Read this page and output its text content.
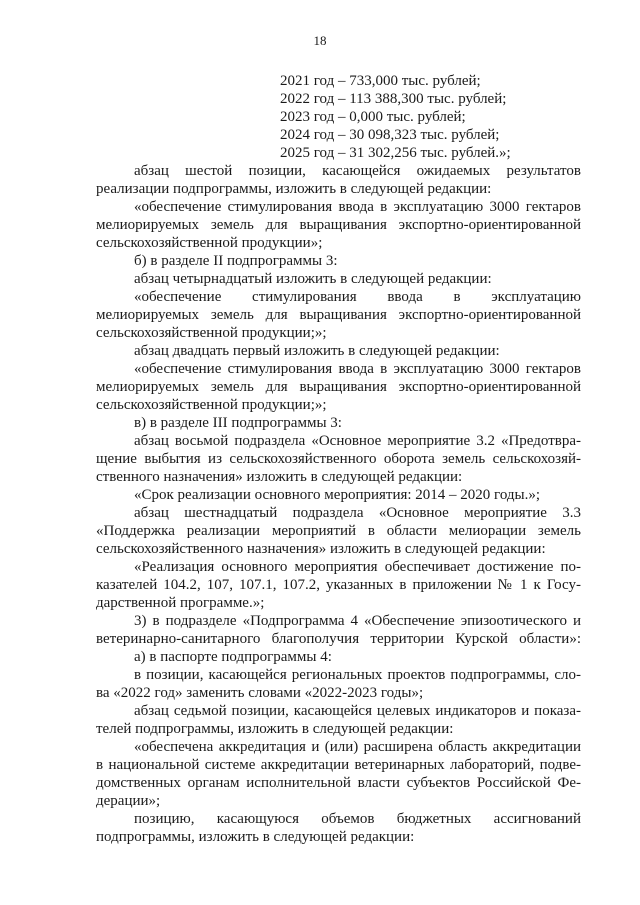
18
2021 год – 733,000 тыс. рублей;
2022 год – 113 388,300 тыс. рублей;
2023 год – 0,000 тыс. рублей;
2024 год – 30 098,323 тыс. рублей;
2025 год – 31 302,256 тыс. рублей.»;
абзац шестой позиции, касающейся ожидаемых результатов
реализации подпрограммы, изложить в следующей редакции:
«обеспечение стимулирования ввода в эксплуатацию 3000 гектаров
мелиорируемых земель для выращивания экспортно-ориентированной
сельскохозяйственной продукции»;
б) в разделе II подпрограммы 3:
абзац четырнадцатый изложить в следующей редакции:
«обеспечение стимулирования ввода в эксплуатацию
мелиорируемых земель для выращивания экспортно-ориентированной
сельскохозяйственной продукции;»;
абзац двадцать первый изложить в следующей редакции:
«обеспечение стимулирования ввода в эксплуатацию 3000 гектаров
мелиорируемых земель для выращивания экспортно-ориентированной
сельскохозяйственной продукции;»;
в) в разделе III подпрограммы 3:
абзац восьмой подраздела «Основное мероприятие 3.2 «Предотвра-
щение выбытия из сельскохозяйственного оборота земель сельскохозяй-
ственного назначения» изложить в следующей редакции:
«Срок реализации основного мероприятия: 2014 – 2020 годы.»;
абзац шестнадцатый подраздела «Основное мероприятие 3.3
«Поддержка реализации мероприятий в области мелиорации земель
сельскохозяйственного назначения» изложить в следующей редакции:
«Реализация основного мероприятия обеспечивает достижение по-
казателей 104.2, 107, 107.1, 107.2, указанных в приложении № 1 к Госу-
дарственной программе.»;
3) в подразделе «Подпрограмма 4 «Обеспечение эпизоотического и
ветеринарно-санитарного благополучия территории Курской области»:
а) в паспорте подпрограммы 4:
в позиции, касающейся региональных проектов подпрограммы, сло-
ва «2022 год» заменить словами «2022-2023 годы»;
абзац седьмой позиции, касающейся целевых индикаторов и показа-
телей подпрограммы, изложить в следующей редакции:
«обеспечена аккредитация и (или) расширена область аккредитации
в национальной системе аккредитации ветеринарных лабораторий, подве-
домственных органам исполнительной власти субъектов Российской Фе-
дерации»;
позицию, касающуюся объемов бюджетных ассигнований
подпрограммы, изложить в следующей редакции:
